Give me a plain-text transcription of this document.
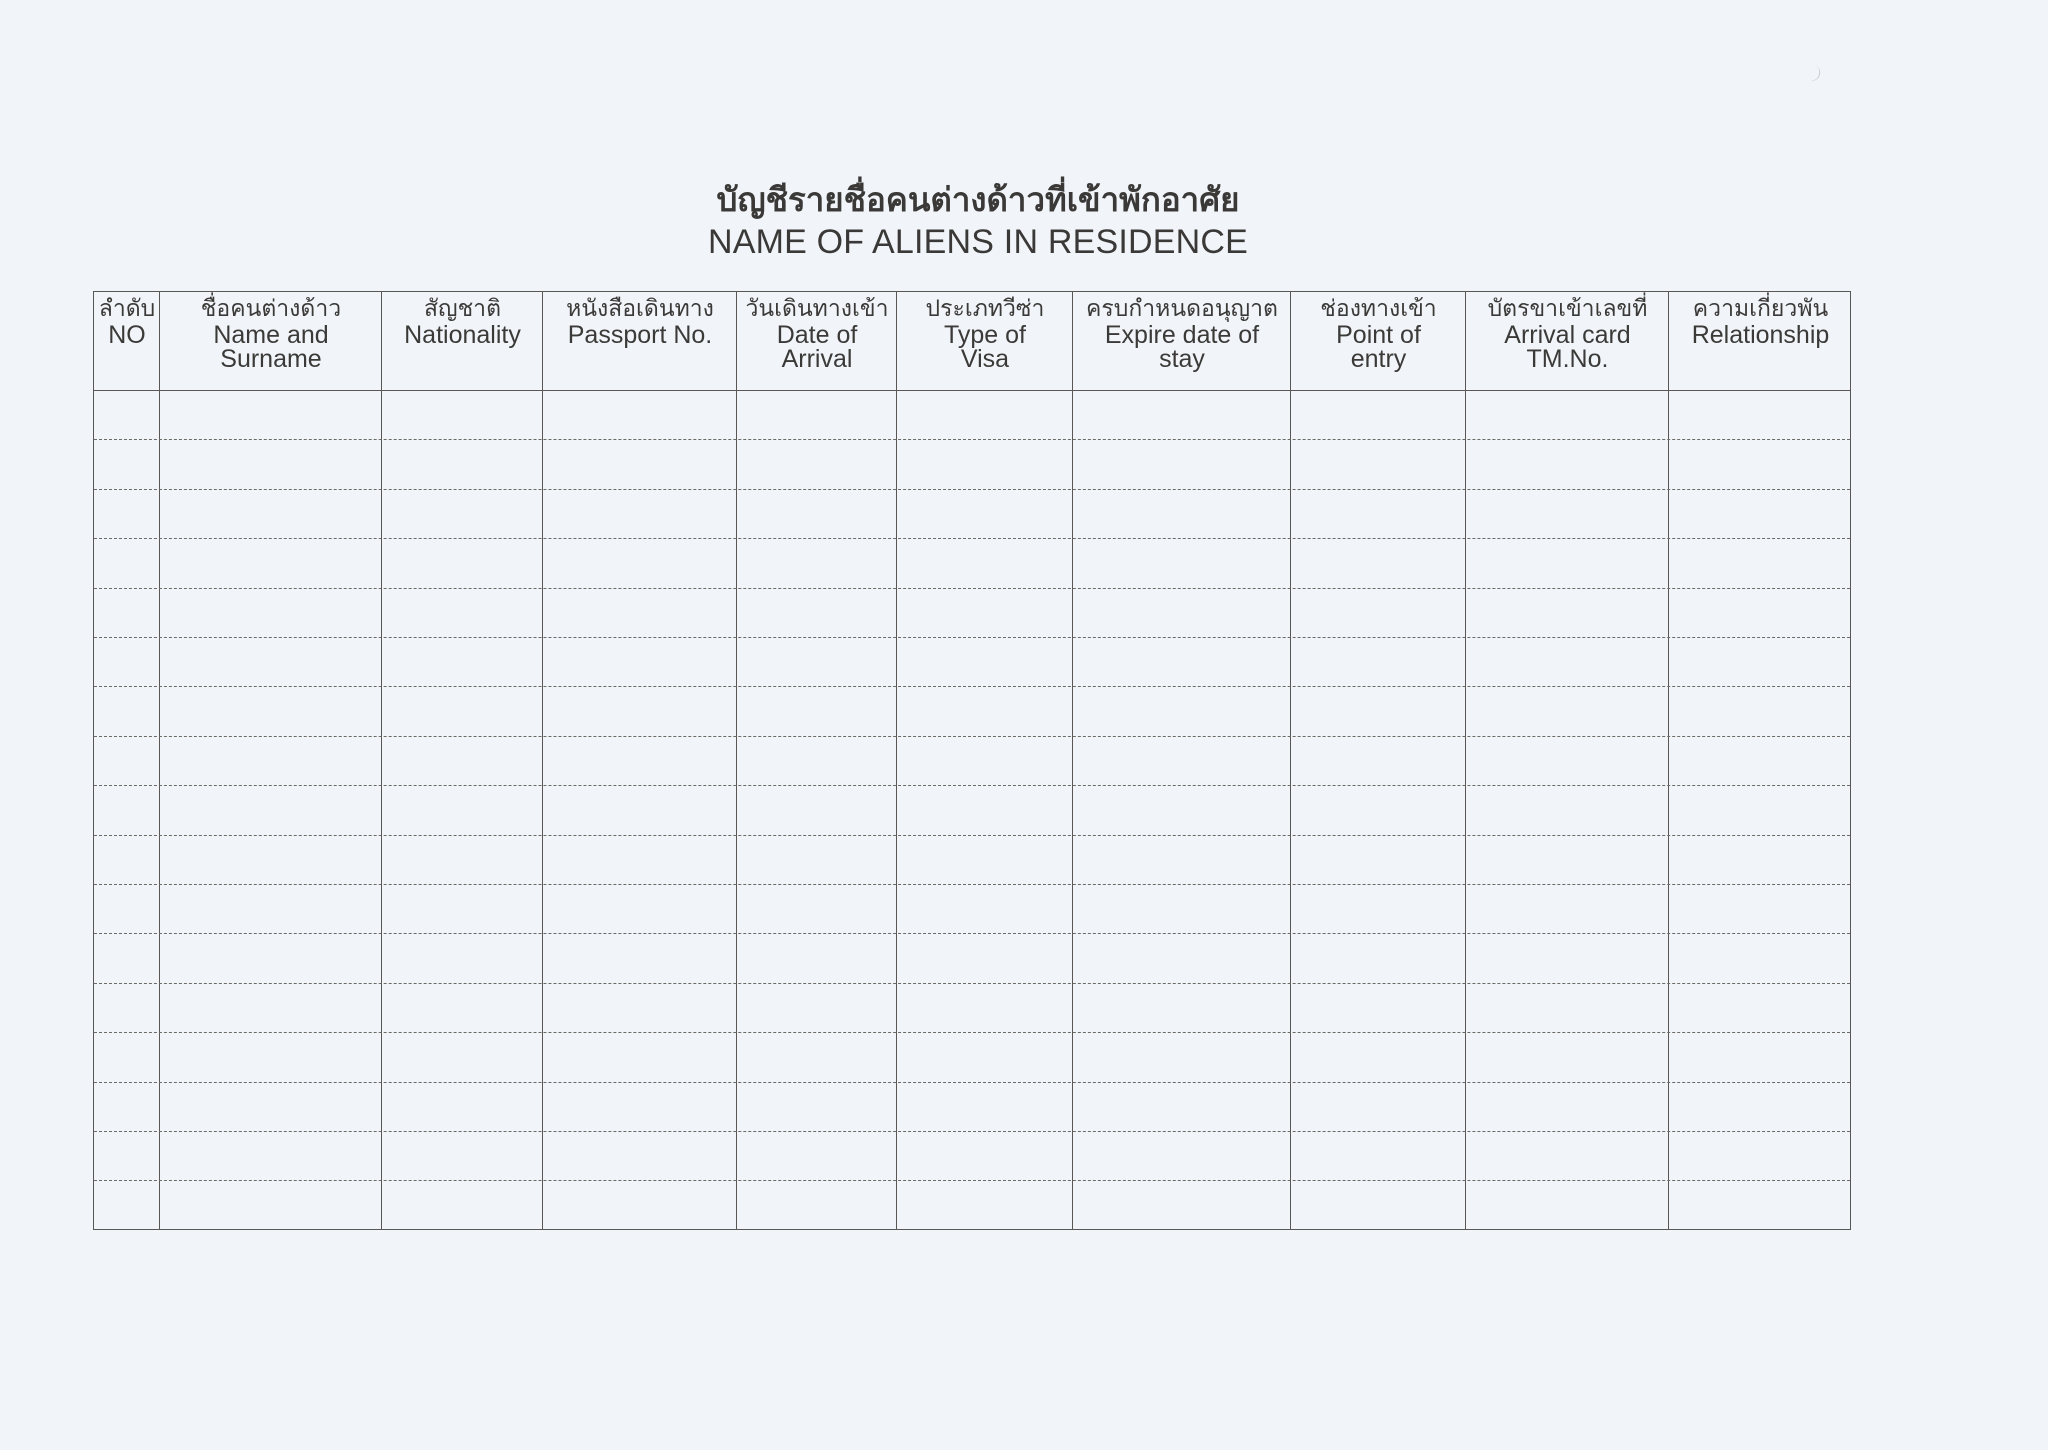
บัญชีรายชื่อคนต่างด้าวที่เข้าพักอาศัย
NAME OF ALIENS IN RESIDENCE
ลำดับ
NO
ชื่อคนต่างด้าว
Name and
Surname
สัญชาติ
Nationality
หนังสือเดินทาง
Passport No.
วันเดินทางเข้า
Date of
Arrival
ประเภทวีซ่า
Type of
Visa
ครบกำหนดอนุญาต
Expire date of
stay
ช่องทางเข้า
Point of
entry
บัตรขาเข้าเลขที่
Arrival card
TM.No.
ความเกี่ยวพัน
Relationship
